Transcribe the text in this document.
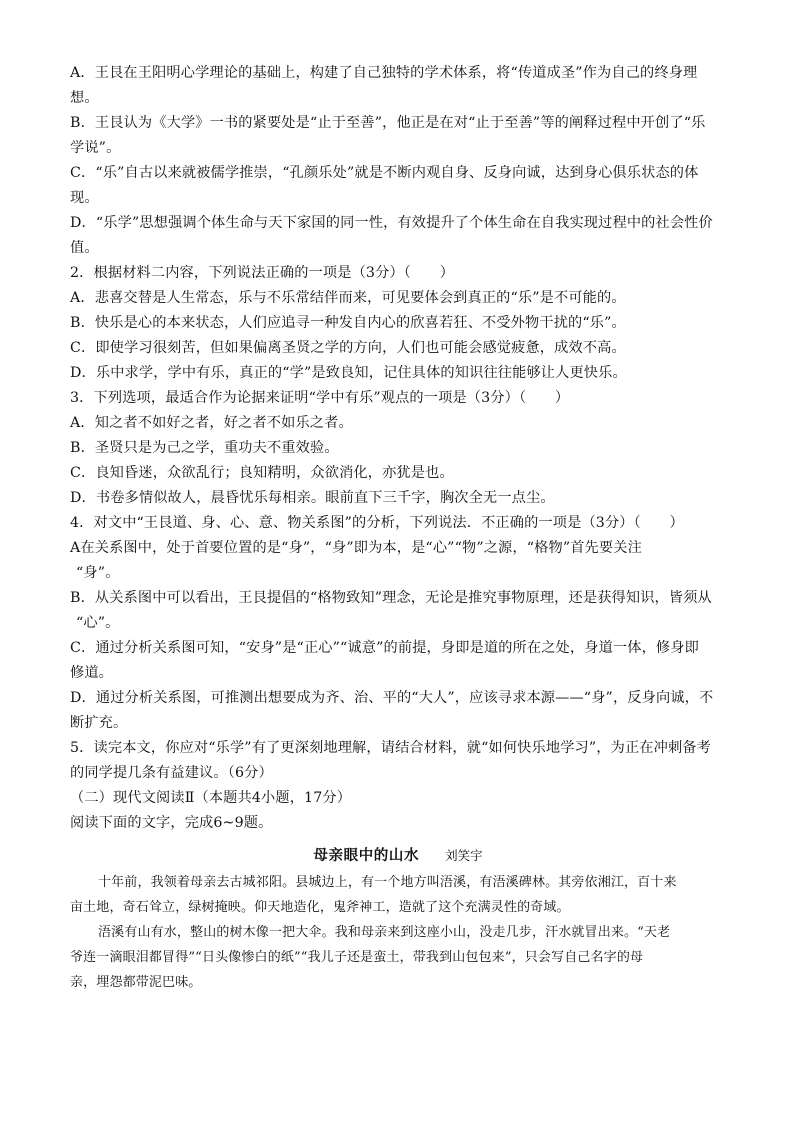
A．王艮在王阳明心学理论的基础上，构建了自己独特的学术体系，将“传道成圣”作为自己的终身理

想。

B．王艮认为《大学》一书的紧要处是“止于至善”，他正是在对“止于至善”等的阐释过程中开创了“乐

学说”。

C．“乐”自古以来就被儒学推崇，“孔颜乐处”就是不断内观自身、反身向诚，达到身心俱乐状态的体

现。

D．“乐学”思想强调个体生命与天下家国的同一性，有效提升了个体生命在自我实现过程中的社会性价

值。

2．根据材料二内容，下列说法正确的一项是（3分）（　　）

A．悲喜交替是人生常态，乐与不乐常结伴而来，可见要体会到真正的“乐”是不可能的。

B．快乐是心的本来状态，人们应追寻一种发自内心的欣喜若狂、不受外物干扰的“乐”。

C．即使学习很刻苦，但如果偏离圣贤之学的方向，人们也可能会感觉疲惫，成效不高。

D．乐中求学，学中有乐，真正的“学”是致良知，记住具体的知识往往能够让人更快乐。

3．下列选项，最适合作为论据来证明“学中有乐”观点的一项是（3分）（　　）

A．知之者不如好之者，好之者不如乐之者。

B．圣贤只是为己之学，重功夫不重效验。

C．良知昏迷，众欲乱行；良知精明，众欲消化，亦犹是也。

D．书卷多情似故人，晨昏忧乐每相亲。眼前直下三千字，胸次全无一点尘。

4．对文中“王艮道、身、心、意、物关系图”的分析，下列说法．不正确的一项是（3分）（　　）

A在关系图中，处于首要位置的是“身”，“身”即为本，是“心”“物”之源，“格物”首先要关注

“身”。

B．从关系图中可以看出，王艮提倡的“格物致知”理念，无论是推究事物原理，还是获得知识，皆须从

“心”。

C．通过分析关系图可知，“安身”是“正心”“诚意”的前提，身即是道的所在之处，身道一体，修身即

修道。

D．通过分析关系图，可推测出想要成为齐、治、平的“大人”，应该寻求本源——“身”，反身向诚，不

断扩充。

5．读完本文，你应对“乐学”有了更深刻地理解，请结合材料，就“如何快乐地学习”，为正在冲刺备考

的同学提几条有益建议。（6分）

（二）现代文阅读Ⅱ（本题共4小题，17分）

阅读下面的文字，完成6~9题。

母亲眼中的山水 刘笑宇

十年前，我领着母亲去古城祁阳。县城边上，有一个地方叫浯溪，有浯溪碑林。其旁依湘江，百十来

亩土地，奇石耸立，绿树掩映。仰天地造化，鬼斧神工，造就了这个充满灵性的奇域。

浯溪有山有水，整山的树木像一把大伞。我和母亲来到这座小山，没走几步，汗水就冒出来。“天老

爷连一滴眼泪都冒得”“日头像惨白的纸”“我儿子还是蛮土，带我到山包包来”，只会写自己名字的母

亲，埋怨都带泥巴味。
